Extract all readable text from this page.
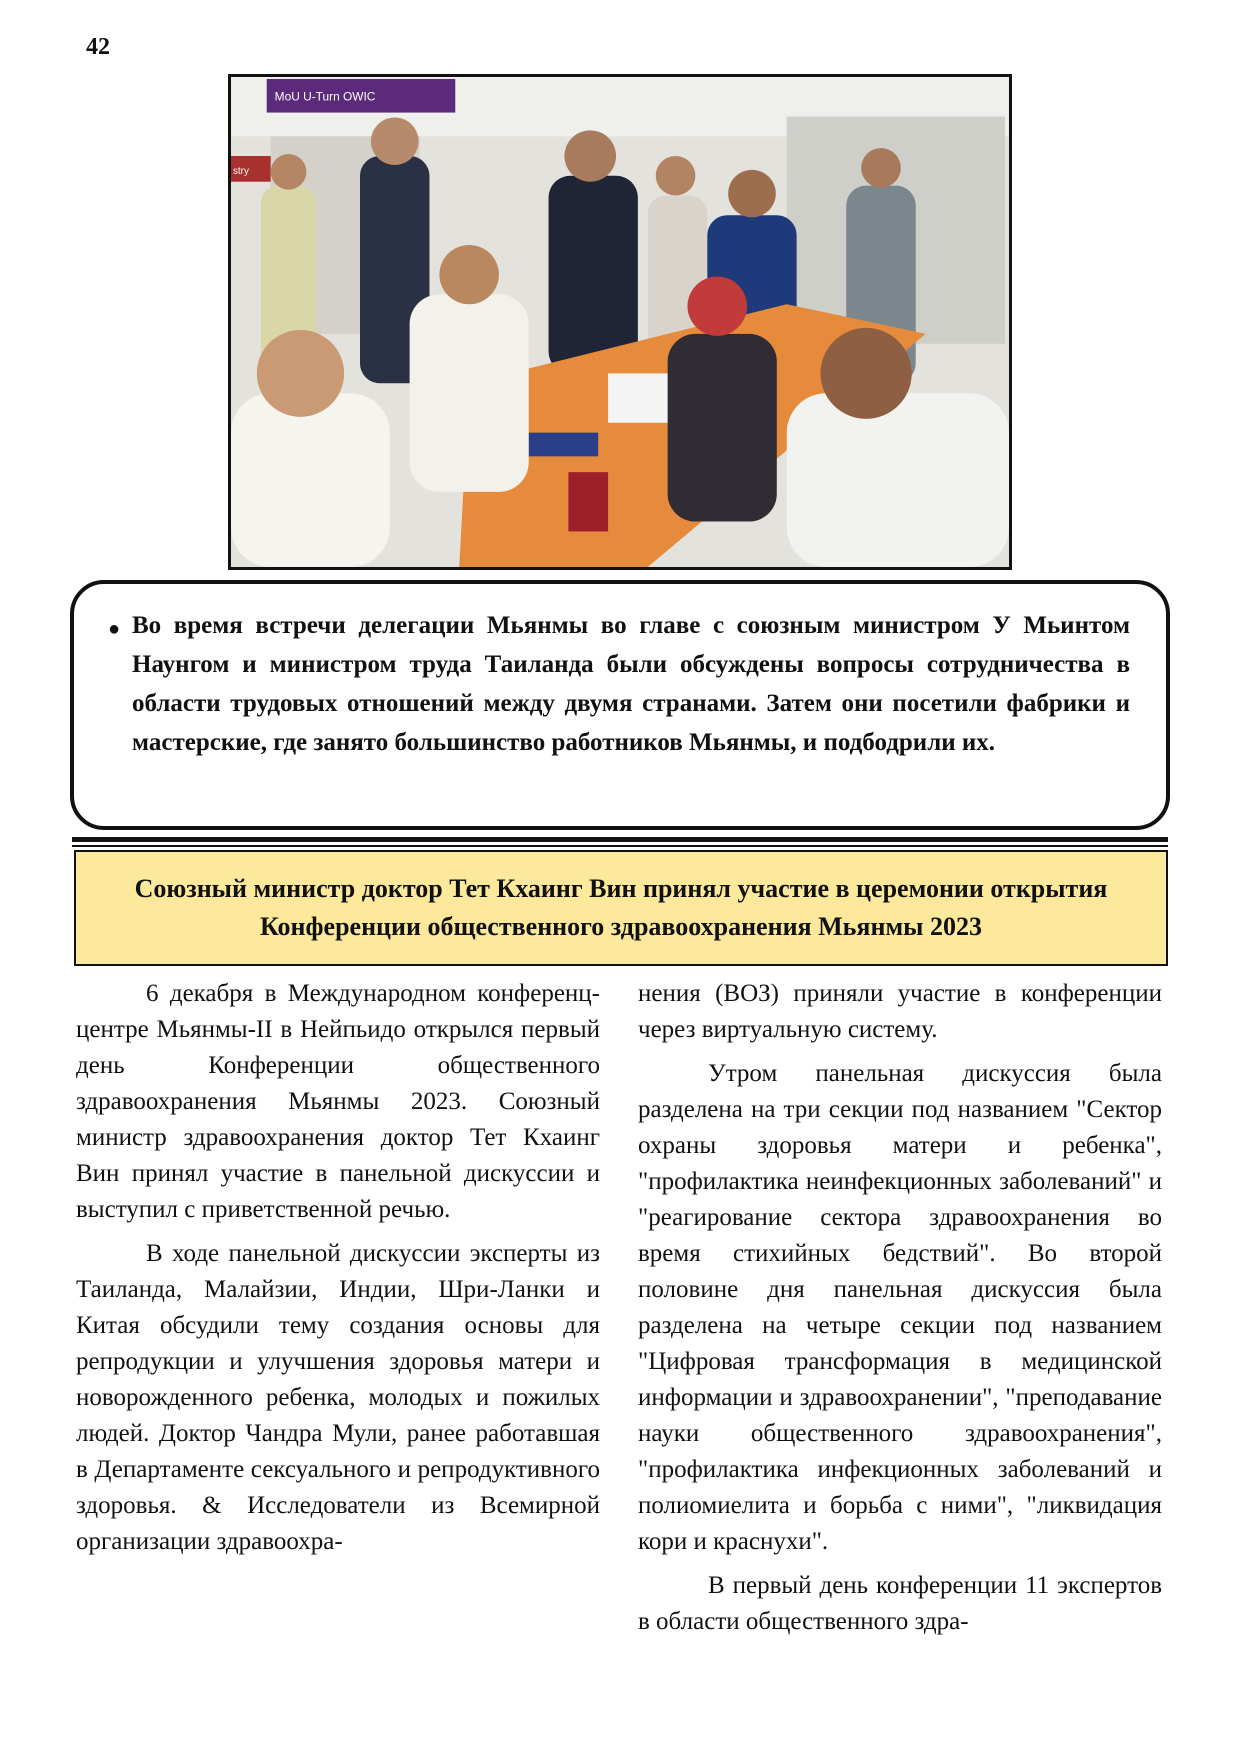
42
MoU U-Turn OWIC
stry
● Во время встречи делегации Мьянмы во главе с союзным министром У Мьинтом Наунгом и министром труда Таиланда были обсуждены вопросы сотрудничества в области трудовых отношений между двумя странами. Затем они посетили фабрики и мастерские, где занято большинство работников Мьянмы, и подбодрили их.

Союзный министр доктор Тет Кхаинг Вин принял участие в церемонии открытия Конференции общественного здравоохранения Мьянмы 2023

6 декабря в Международном конференц-центре Мьянмы-II в Нейпьидо открылся первый день Конференции общественного здравоохранения Мьянмы 2023. Союзный министр здравоохранения доктор Тет Кхаинг Вин принял участие в панельной дискуссии и выступил с приветственной речью.

В ходе панельной дискуссии эксперты из Таиланда, Малайзии, Индии, Шри-Ланки и Китая обсудили тему создания основы для репродукции и улучшения здоровья матери и новорожденного ребенка, молодых и пожилых людей. Доктор Чандра Мули, ранее работавшая в Департаменте сексуального и репродуктивного здоровья. & Исследователи из Всемирной организации здравоохра-

нения (ВОЗ) приняли участие в конференции через виртуальную систему.

Утром панельная дискуссия была разделена на три секции под названием "Сектор охраны здоровья матери и ребенка", "профилактика неинфекционных заболеваний" и "реагирование сектора здравоохранения во время стихийных бедствий". Во второй половине дня панельная дискуссия была разделена на четыре секции под названием "Цифровая трансформация в медицинской информации и здравоохранении", "преподавание науки общественного здравоохранения", "профилактика инфекционных заболеваний и полиомиелита и борьба с ними", "ликвидация кори и краснухи".

В первый день конференции 11 экспертов в области общественного здра-
